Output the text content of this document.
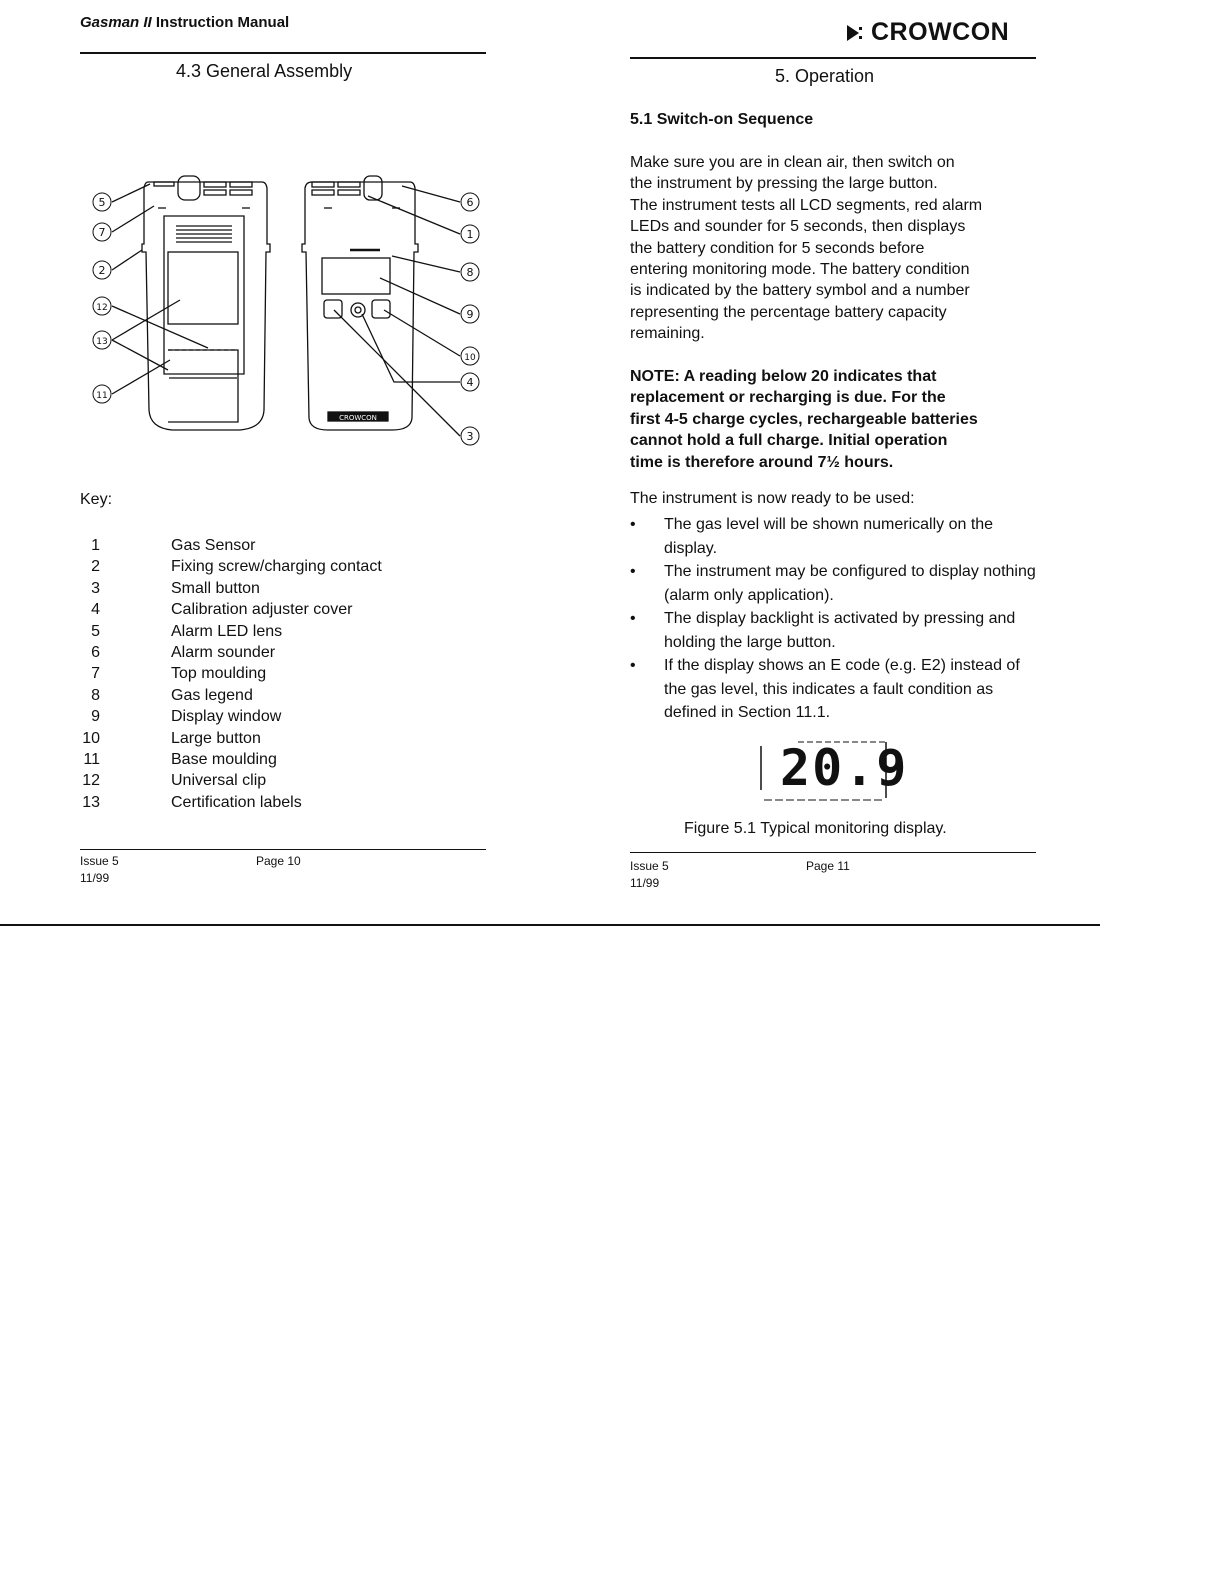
Gasman II Instruction Manual	CROWCON
4.3 General Assembly
5
7
2
12
13
11
6
1
8
9
10
4
3
CROWCON
Key:
1	Gas Sensor
2	Fixing screw/charging contact
3	Small button
4	Calibration adjuster cover
5	Alarm LED lens
6	Alarm sounder
7	Top moulding
8	Gas legend
9	Display window
10	Large button
11	Base moulding
12	Universal clip
13	Certification labels
Issue 5
11/99
Page 10
5. Operation
5.1 Switch-on Sequence
Make sure you are in clean air, then switch on
the instrument by pressing the large button.
The instrument tests all LCD segments, red alarm
LEDs and sounder for 5 seconds, then displays
the battery condition for 5 seconds before
entering monitoring mode. The battery condition
is indicated by the battery symbol and a number
representing the percentage battery capacity
remaining.
NOTE: A reading below 20 indicates that
replacement or recharging is due. For the
first 4-5 charge cycles, rechargeable batteries
cannot hold a full charge. Initial operation
time is therefore around 7½ hours.
The instrument is now ready to be used:
• The gas level will be shown numerically on the display.
• The instrument may be configured to display nothing (alarm only application).
• The display backlight is activated by pressing and holding the large button.
• If the display shows an E code (e.g. E2) instead of the gas level, this indicates a fault condition as defined in Section 11.1.
20.9
Figure 5.1 Typical monitoring display.
Issue 5
11/99
Page 11
